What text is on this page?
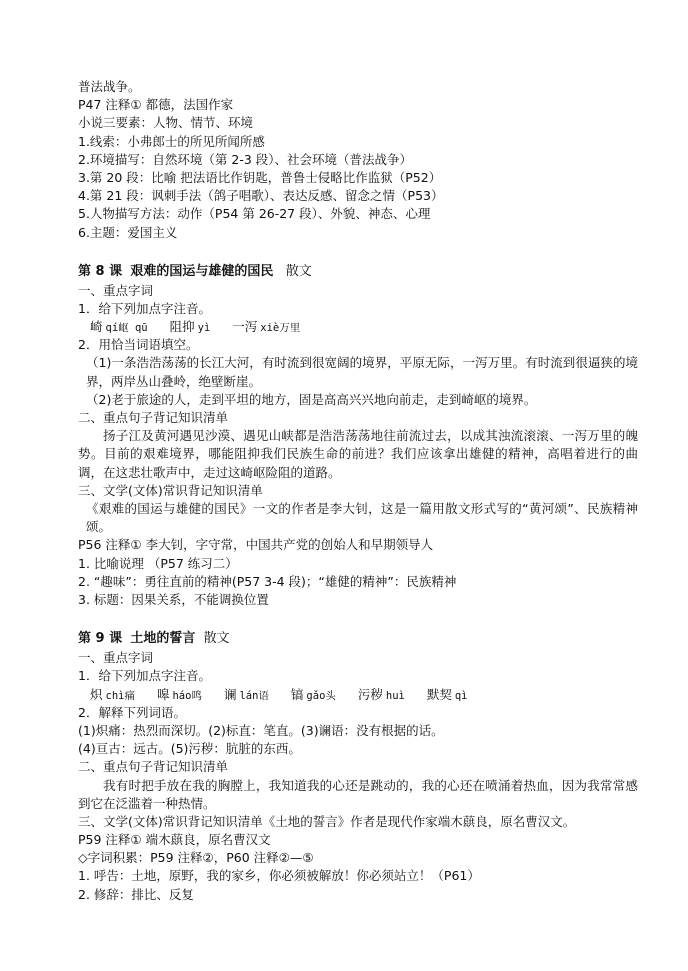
普法战争。
P47 注释① 都德，法国作家
小说三要素：人物、情节、环境
1.线索：小弗郎士的所见所闻所感
2.环境描写：自然环境（第 2-3 段）、社会环境（普法战争）
3.第 20 段：比喻 把法语比作钥匙，普鲁士侵略比作监狱（P52）
4.第 21 段：讽刺手法（鸽子唱歌）、表达反感、留念之情（P53）
5.人物描写方法：动作（P54 第 26-27 段）、外貌、神态、心理
6.主题：爱国主义
第 8 课 艰难的国运与雄健的国民 散文
一、重点字词
1．给下列加点字注音。
崎 qí岖 qū 阻抑 yì 一泻 xiè万里
2．用恰当词语填空。
（1)一条浩浩荡荡的长江大河，有时流到很宽阔的境界，平原无际，一泻万里。有时流到很逼狭的境界，两岸丛山叠岭，绝壁断崖。
（2)老于旅途的人，走到平坦的地方，固是高高兴兴地向前走，走到崎岖的境界。
二、重点句子背记知识清单
扬子江及黄河遇见沙漠、遇见山峡都是浩浩荡荡地往前流过去，以成其浊流滚滚、一泻万里的魄势。目前的艰难境界，哪能阻抑我们民族生命的前进？我们应该拿出雄健的精神，高唱着进行的曲调，在这悲壮歌声中，走过这崎岖险阻的道路。
三、文学(文体)常识背记知识清单
《艰难的国运与雄健的国民》一文的作者是李大钊，这是一篇用散文形式写的“黄河颂”、民族精神颂。
P56 注释① 李大钊，字守常，中国共产党的创始人和早期领导人
1. 比喻说理 （P57 练习二）
2. “趣味”：勇往直前的精神(P57 3-4 段)；“雄健的精神”：民族精神
3. 标题：因果关系，不能调换位置
第 9 课 土地的誓言 散文
一、重点字词
1．给下列加点字注音。
炽 chì痛 嗥 háo鸣 谰 lán语 镐 gǎo头 污秽 huì 默契 qì
2．解释下列词语。
(1)炽痛：热烈而深切。(2)标直：笔直。(3)谰语：没有根据的话。
(4)亘古：远古。(5)污秽：肮脏的东西。
二、重点句子背记知识清单
我有时把手放在我的胸膛上，我知道我的心还是跳动的，我的心还在喷涌着热血，因为我常常感到它在泛滥着一种热情。
三、文学(文体)常识背记知识清单《土地的誓言》作者是现代作家端木蕻良，原名曹汉文。
P59 注释① 端木蕻良，原名曹汉文
◇字词积累：P59 注释②，P60 注释②—⑤
1. 呼告：土地，原野，我的家乡，你必须被解放！你必须站立！（P61）
2. 修辞：排比、反复
